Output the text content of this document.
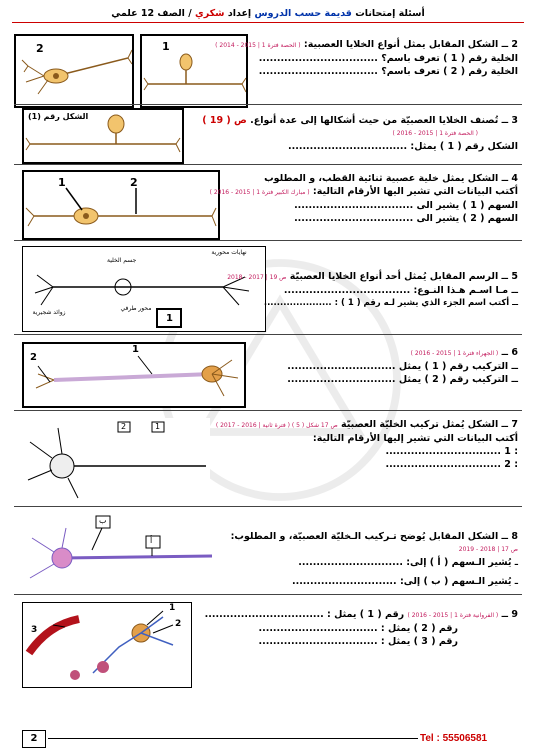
أسئلة إمتحانات قديمة حسب الدروس إعداد شكري / الصف 12 علمي
2	1	2 ــ الشكل المقابل يمثل أنواع الخلايا العصبية: ( الحصة فترة 1 | 2015 - 2014 )
الخلية رقم ( 1 ) تعرف باسم؟ .................................
الخلية رقم ( 2 ) تعرف باسم؟ .................................
الشكل رقم (1)	3 ــ تُصنف الخلايا العصبيّة من حيث أشكالها إلى عدة أنواع. ص ( 19 )
( الحصة فترة 1 | 2015 - 2016 )
الشكل رقم ( 1 ) يمثل: .................................
1	2	4 ــ الشكل يمثل خلية عصبية ثنائية القطب، و المطلوب
أكتب البيانات التي تشير اليها الأرقام التالية: ( مبارك الكبير فترة 1 | 2015 - 2016 )
السهم ( 1 ) يشير الى .................................
السهم ( 2 ) يشير الى .................................
نهايات محورية
جسم الخلية
زوائد شجيرية
محور طرفي
1
5 ــ الرسم المقابل يُمثل أحد أنواع الخلايا العصبيّة ص 19 | 2017 - 2018
ــ مـا اسـم هـذا النـوع: ...................................
ــ أكتب اسم الجزء الذي يشير لـه رقم ( 1 ) : .....................
2
1	6 ــ ( الجهراء فترة 1 | 2015 - 2016 )
ــ التركيب رقم ( 1 ) يمثل ..............................
ــ التركيب رقم ( 2 ) يمثل ..............................
2	1	7 ــ الشكل يُمثل تركيب الخليّة العصبيّة ص 17 شكل ( 5 ) ( فترة ثانية | 2016 - 2017 )
أكتب البيانات التي تشير إليها الأرقام التالية:
: 1 ................................
: 2 ................................
ب
أ	8 ــ الشكل المقابل يُوضح تـركيب الـخليّة العصبيّة، و المطلوب:
ص 17 | 2018 - 2019
ـ يُشير الـسهم ( أ ) إلى: .............................
ـ يُشير الـسهم ( ب ) إلى: .............................
1
2
3
9 ــ ( الفروانية فترة 1 | 2015 - 2016 ) رقم ( 1 ) يمثل : .................................
رقم ( 2 ) يمثل : .................................
رقم ( 3 ) يمثل : .................................
2	Tel : 55506581
